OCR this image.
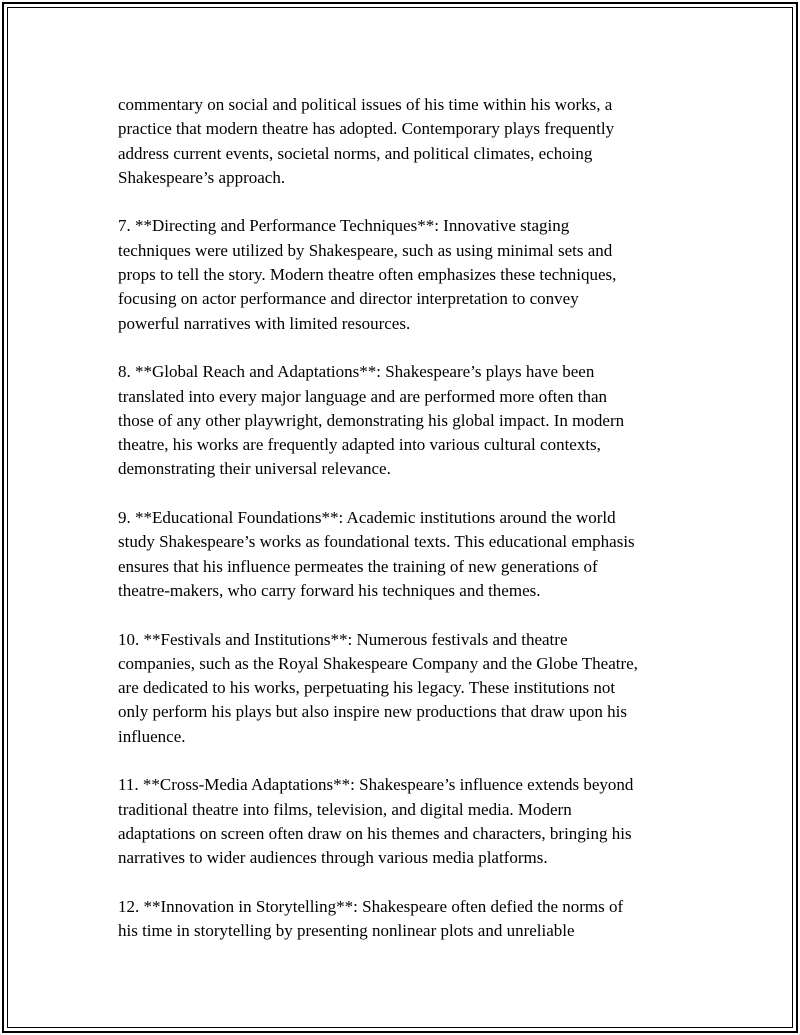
commentary on social and political issues of his time within his works, a
practice that modern theatre has adopted. Contemporary plays frequently
address current events, societal norms, and political climates, echoing
Shakespeare’s approach.

7. **Directing and Performance Techniques**: Innovative staging
techniques were utilized by Shakespeare, such as using minimal sets and
props to tell the story. Modern theatre often emphasizes these techniques,
focusing on actor performance and director interpretation to convey
powerful narratives with limited resources.

8. **Global Reach and Adaptations**: Shakespeare’s plays have been
translated into every major language and are performed more often than
those of any other playwright, demonstrating his global impact. In modern
theatre, his works are frequently adapted into various cultural contexts,
demonstrating their universal relevance.

9. **Educational Foundations**: Academic institutions around the world
study Shakespeare’s works as foundational texts. This educational emphasis
ensures that his influence permeates the training of new generations of
theatre-makers, who carry forward his techniques and themes.

10. **Festivals and Institutions**: Numerous festivals and theatre
companies, such as the Royal Shakespeare Company and the Globe Theatre,
are dedicated to his works, perpetuating his legacy. These institutions not
only perform his plays but also inspire new productions that draw upon his
influence.

11. **Cross-Media Adaptations**: Shakespeare’s influence extends beyond
traditional theatre into films, television, and digital media. Modern
adaptations on screen often draw on his themes and characters, bringing his
narratives to wider audiences through various media platforms.

12. **Innovation in Storytelling**: Shakespeare often defied the norms of
his time in storytelling by presenting nonlinear plots and unreliable
